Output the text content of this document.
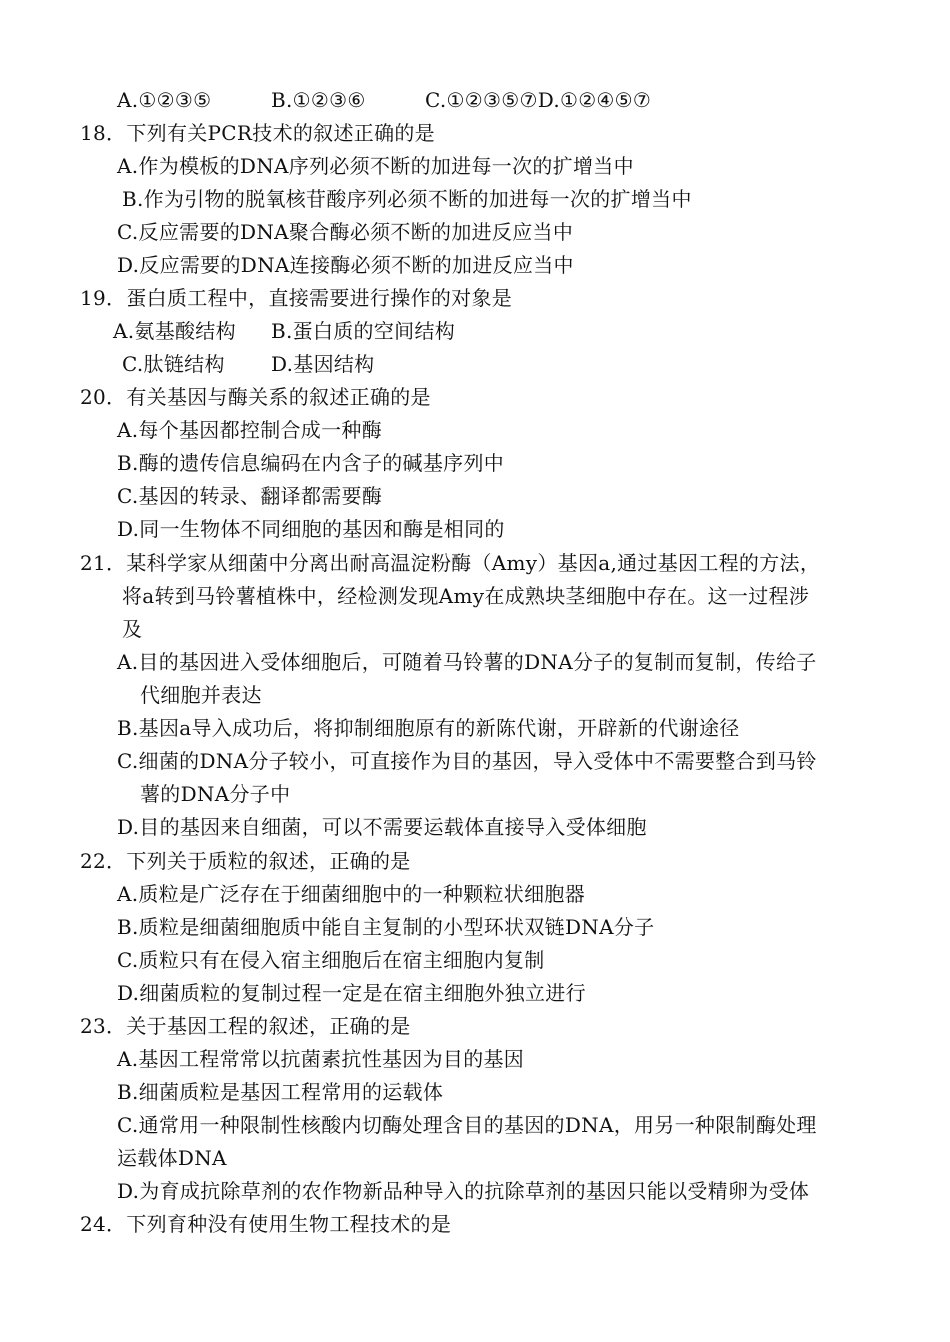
A.①②③⑤	B.①②③⑥	C.①②③⑤⑦D.①②④⑤⑦
18．下列有关PCR技术的叙述正确的是
A.作为模板的DNA序列必须不断的加进每一次的扩增当中
B.作为引物的脱氧核苷酸序列必须不断的加进每一次的扩增当中
C.反应需要的DNA聚合酶必须不断的加进反应当中
D.反应需要的DNA连接酶必须不断的加进反应当中
19．蛋白质工程中，直接需要进行操作的对象是
A.氨基酸结构 B.蛋白质的空间结构
C.肽链结构 D.基因结构
20．有关基因与酶关系的叙述正确的是
A.每个基因都控制合成一种酶
B.酶的遗传信息编码在内含子的碱基序列中
C.基因的转录、翻译都需要酶
D.同一生物体不同细胞的基因和酶是相同的
21．某科学家从细菌中分离出耐高温淀粉酶（Amy）基因a,通过基因工程的方法，
将a转到马铃薯植株中，经检测发现Amy在成熟块茎细胞中存在。这一过程涉
及
A.目的基因进入受体细胞后，可随着马铃薯的DNA分子的复制而复制，传给子
代细胞并表达
B.基因a导入成功后，将抑制细胞原有的新陈代谢，开辟新的代谢途径
C.细菌的DNA分子较小，可直接作为目的基因，导入受体中不需要整合到马铃
薯的DNA分子中
D.目的基因来自细菌，可以不需要运载体直接导入受体细胞
22．下列关于质粒的叙述，正确的是
A.质粒是广泛存在于细菌细胞中的一种颗粒状细胞器
B.质粒是细菌细胞质中能自主复制的小型环状双链DNA分子
C.质粒只有在侵入宿主细胞后在宿主细胞内复制
D.细菌质粒的复制过程一定是在宿主细胞外独立进行
23．关于基因工程的叙述，正确的是
A.基因工程常常以抗菌素抗性基因为目的基因
B.细菌质粒是基因工程常用的运载体
C.通常用一种限制性核酸内切酶处理含目的基因的DNA，用另一种限制酶处理
运载体DNA
D.为育成抗除草剂的农作物新品种导入的抗除草剂的基因只能以受精卵为受体
24．下列育种没有使用生物工程技术的是
